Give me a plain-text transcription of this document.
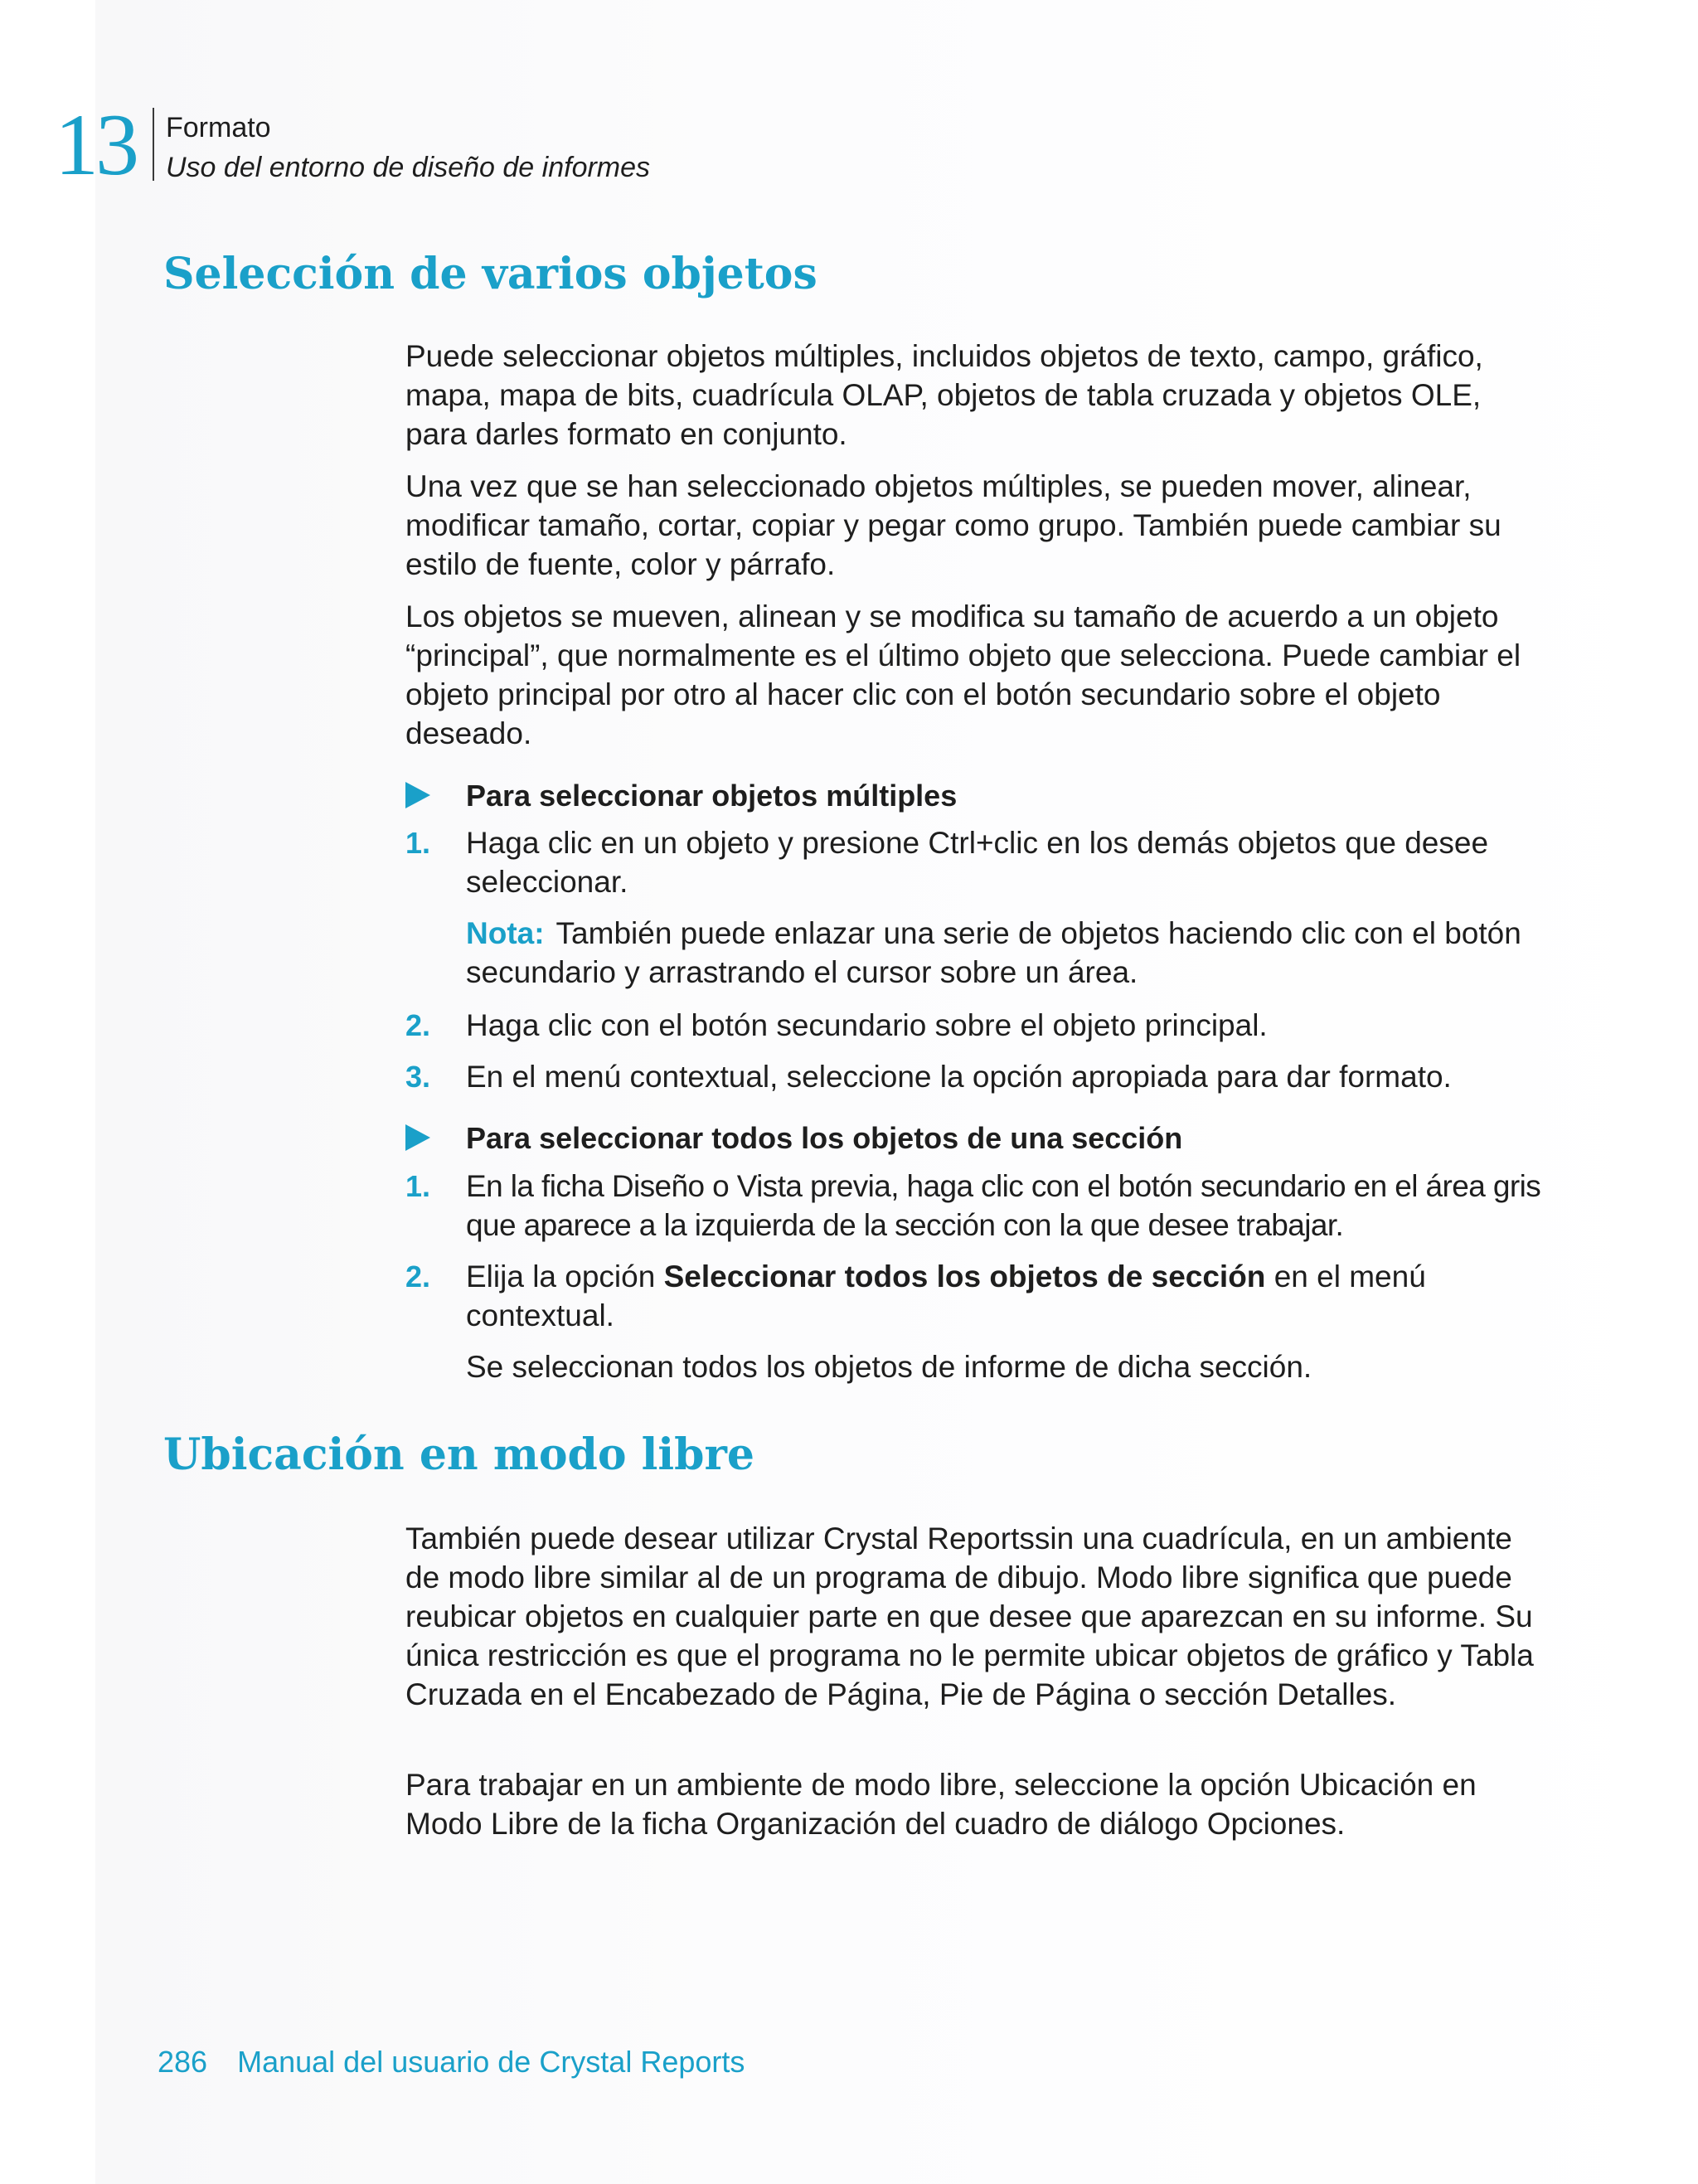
13 Formato
Uso del entorno de diseño de informes
Selección de varios objetos

Puede seleccionar objetos múltiples, incluidos objetos de texto, campo, gráfico, mapa, mapa de bits, cuadrícula OLAP, objetos de tabla cruzada y objetos OLE, para darles formato en conjunto.

Una vez que se han seleccionado objetos múltiples, se pueden mover, alinear, modificar tamaño, cortar, copiar y pegar como grupo. También puede cambiar su estilo de fuente, color y párrafo.

Los objetos se mueven, alinean y se modifica su tamaño de acuerdo a un objeto “principal”, que normalmente es el último objeto que selecciona. Puede cambiar el objeto principal por otro al hacer clic con el botón secundario sobre el objeto deseado.

Para seleccionar objetos múltiples
1. Haga clic en un objeto y presione Ctrl+clic en los demás objetos que desee seleccionar.

Nota: También puede enlazar una serie de objetos haciendo clic con el botón secundario y arrastrando el cursor sobre un área.

2. Haga clic con el botón secundario sobre el objeto principal.

3. En el menú contextual, seleccione la opción apropiada para dar formato.

Para seleccionar todos los objetos de una sección
1. En la ficha Diseño o Vista previa, haga clic con el botón secundario en el área gris que aparece a la izquierda de la sección con la que desee trabajar.

2. Elija la opción Seleccionar todos los objetos de sección en el menú contextual.

Se seleccionan todos los objetos de informe de dicha sección.

Ubicación en modo libre

También puede desear utilizar Crystal Reportssin una cuadrícula, en un ambiente de modo libre similar al de un programa de dibujo. Modo libre significa que puede reubicar objetos en cualquier parte en que desee que aparezcan en su informe. Su única restricción es que el programa no le permite ubicar objetos de gráfico y Tabla Cruzada en el Encabezado de Página, Pie de Página o sección Detalles.

Para trabajar en un ambiente de modo libre, seleccione la opción Ubicación en Modo Libre de la ficha Organización del cuadro de diálogo Opciones.

286 Manual del usuario de Crystal Reports
